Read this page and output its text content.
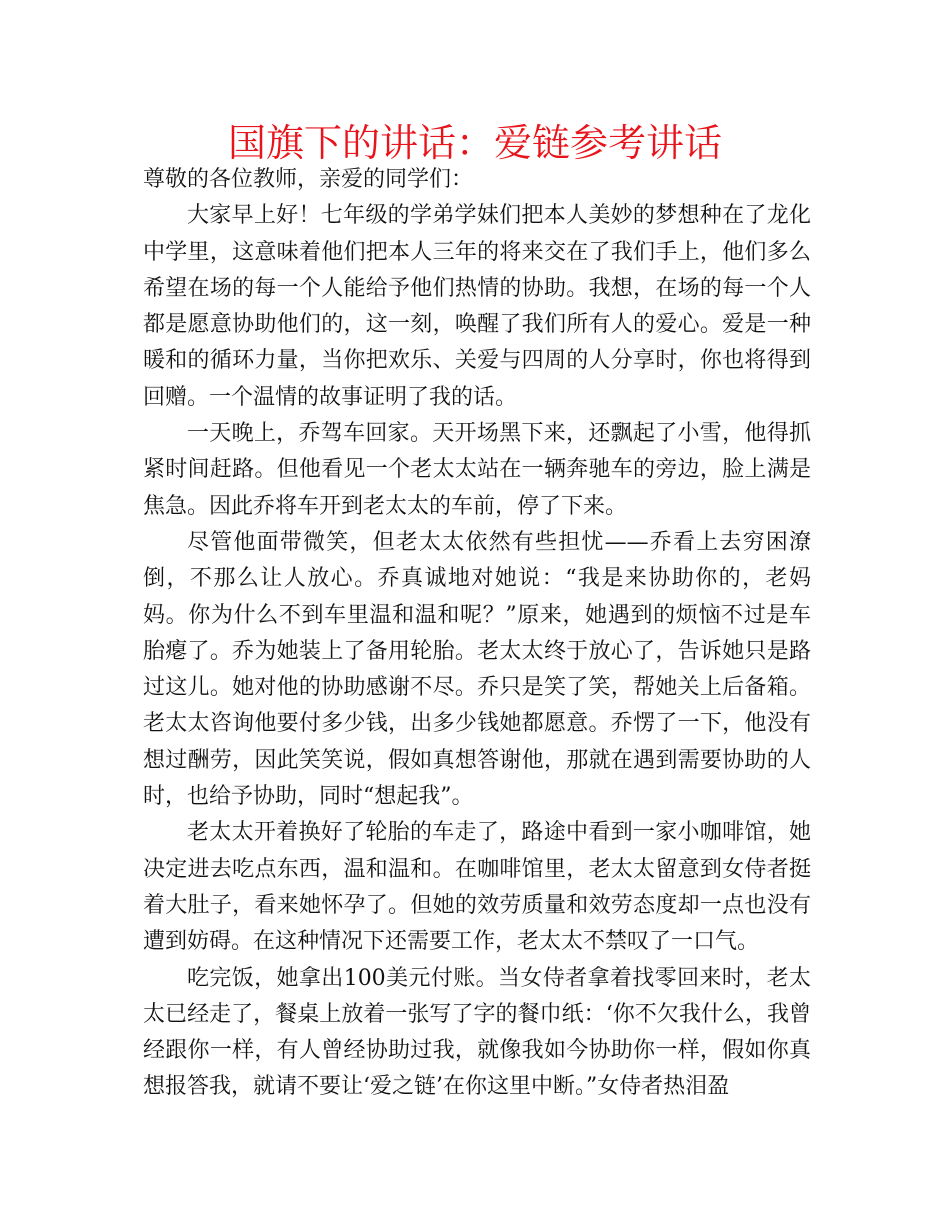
国旗下的讲话：爱链参考讲话

尊敬的各位教师，亲爱的同学们：

大家早上好！七年级的学弟学妹们把本人美妙的梦想种在了龙化中学里，这意味着他们把本人三年的将来交在了我们手上，他们多么希望在场的每一个人能给予他们热情的协助。我想，在场的每一个人都是愿意协助他们的，这一刻，唤醒了我们所有人的爱心。爱是一种暖和的循环力量，当你把欢乐、关爱与四周的人分享时，你也将得到回赠。一个温情的故事证明了我的话。

一天晚上，乔驾车回家。天开场黑下来，还飘起了小雪，他得抓紧时间赶路。但他看见一个老太太站在一辆奔驰车的旁边，脸上满是焦急。因此乔将车开到老太太的车前，停了下来。

尽管他面带微笑，但老太太依然有些担忧——乔看上去穷困潦倒，不那么让人放心。乔真诚地对她说：“我是来协助你的，老妈妈。你为什么不到车里温和温和呢？”原来，她遇到的烦恼不过是车胎瘪了。乔为她装上了备用轮胎。老太太终于放心了，告诉她只是路过这儿。她对他的协助感谢不尽。乔只是笑了笑，帮她关上后备箱。老太太咨询他要付多少钱，出多少钱她都愿意。乔愣了一下，他没有想过酬劳，因此笑笑说，假如真想答谢他，那就在遇到需要协助的人时，也给予协助，同时“想起我”。

老太太开着换好了轮胎的车走了，路途中看到一家小咖啡馆，她决定进去吃点东西，温和温和。在咖啡馆里，老太太留意到女侍者挺着大肚子，看来她怀孕了。但她的效劳质量和效劳态度却一点也没有遭到妨碍。在这种情况下还需要工作，老太太不禁叹了一口气。

吃完饭，她拿出100美元付账。当女侍者拿着找零回来时，老太太已经走了，餐桌上放着一张写了字的餐巾纸：‘你不欠我什么，我曾经跟你一样，有人曾经协助过我，就像我如今协助你一样，假如你真想报答我，就请不要让‘爱之链’在你这里中断。”女侍者热泪盈
